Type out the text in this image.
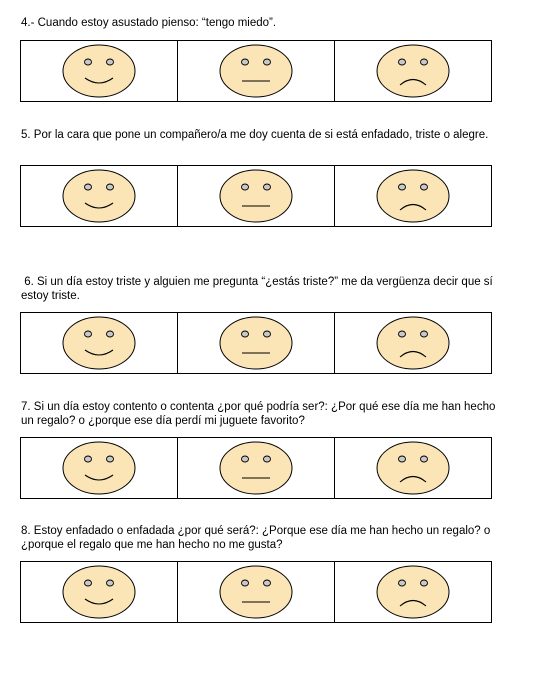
4.- Cuando estoy asustado pienso: “tengo miedo”.
5. Por la cara que pone un compañero/a me doy cuenta de si está enfadado, triste o alegre.
6. Si un día estoy triste y alguien me pregunta “¿estás triste?” me da vergüenza decir que sí estoy triste.
7. Si un día estoy contento o contenta ¿por qué podría ser?: ¿Por qué ese día me han hecho un regalo? o ¿porque ese día perdí mi juguete favorito?
8. Estoy enfadado o enfadada ¿por qué será?: ¿Porque ese día me han hecho un regalo? o ¿porque el regalo que me han hecho no me gusta?
